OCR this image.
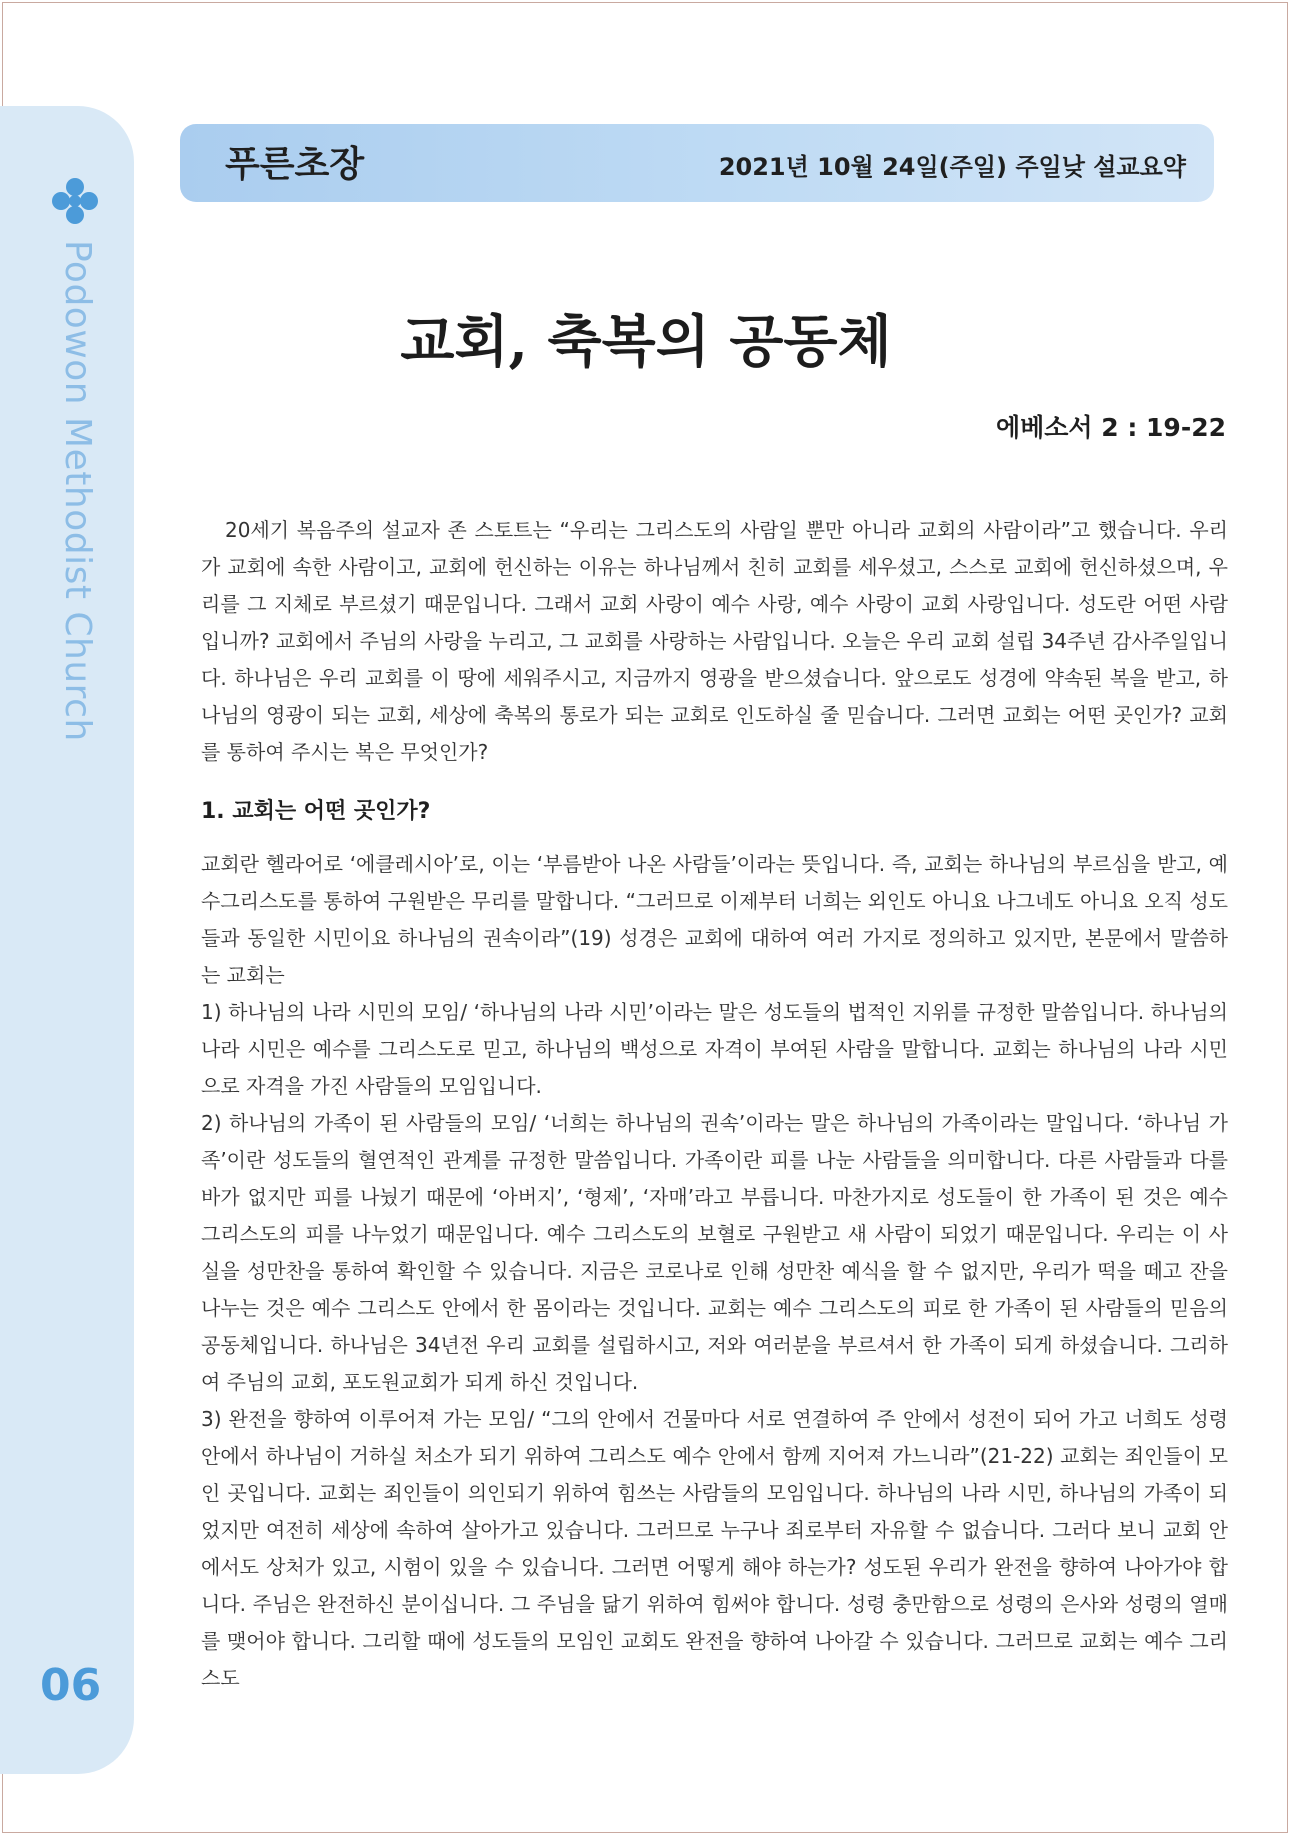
Podowon Methodist Church
06
푸른초장	2021년 10월 24일(주일) 주일낮 설교요약
교회, 축복의 공동체
에베소서 2 : 19-22

20세기 복음주의 설교자 존 스토트는 “우리는 그리스도의 사람일 뿐만 아니라 교회의 사람이라”고 했습니다. 우리가 교회에 속한 사람이고, 교회에 헌신하는 이유는 하나님께서 친히 교회를 세우셨고, 스스로 교회에 헌신하셨으며, 우리를 그 지체로 부르셨기 때문입니다. 그래서 교회 사랑이 예수 사랑, 예수 사랑이 교회 사랑입니다. 성도란 어떤 사람입니까? 교회에서 주님의 사랑을 누리고, 그 교회를 사랑하는 사람입니다. 오늘은 우리 교회 설립 34주년 감사주일입니다. 하나님은 우리 교회를 이 땅에 세워주시고, 지금까지 영광을 받으셨습니다. 앞으로도 성경에 약속된 복을 받고, 하나님의 영광이 되는 교회, 세상에 축복의 통로가 되는 교회로 인도하실 줄 믿습니다. 그러면 교회는 어떤 곳인가? 교회를 통하여 주시는 복은 무엇인가?

1. 교회는 어떤 곳인가?
교회란 헬라어로 ‘에클레시아’로, 이는 ‘부름받아 나온 사람들’이라는 뜻입니다. 즉, 교회는 하나님의 부르심을 받고, 예수그리스도를 통하여 구원받은 무리를 말합니다. “그러므로 이제부터 너희는 외인도 아니요 나그네도 아니요 오직 성도들과 동일한 시민이요 하나님의 권속이라”(19) 성경은 교회에 대하여 여러 가지로 정의하고 있지만, 본문에서 말씀하는 교회는
1) 하나님의 나라 시민의 모임/ ‘하나님의 나라 시민’이라는 말은 성도들의 법적인 지위를 규정한 말씀입니다. 하나님의 나라 시민은 예수를 그리스도로 믿고, 하나님의 백성으로 자격이 부여된 사람을 말합니다. 교회는 하나님의 나라 시민으로 자격을 가진 사람들의 모임입니다.
2) 하나님의 가족이 된 사람들의 모임/ ‘너희는 하나님의 권속’이라는 말은 하나님의 가족이라는 말입니다. ‘하나님 가족’이란 성도들의 혈연적인 관계를 규정한 말씀입니다. 가족이란 피를 나눈 사람들을 의미합니다. 다른 사람들과 다를 바가 없지만 피를 나눴기 때문에 ‘아버지’, ‘형제’, ‘자매’라고 부릅니다. 마찬가지로 성도들이 한 가족이 된 것은 예수 그리스도의 피를 나누었기 때문입니다. 예수 그리스도의 보혈로 구원받고 새 사람이 되었기 때문입니다. 우리는 이 사실을 성만찬을 통하여 확인할 수 있습니다. 지금은 코로나로 인해 성만찬 예식을 할 수 없지만, 우리가 떡을 떼고 잔을 나누는 것은 예수 그리스도 안에서 한 몸이라는 것입니다. 교회는 예수 그리스도의 피로 한 가족이 된 사람들의 믿음의 공동체입니다. 하나님은 34년전 우리 교회를 설립하시고, 저와 여러분을 부르셔서 한 가족이 되게 하셨습니다. 그리하여 주님의 교회, 포도원교회가 되게 하신 것입니다.
3) 완전을 향하여 이루어져 가는 모임/ “그의 안에서 건물마다 서로 연결하여 주 안에서 성전이 되어 가고 너희도 성령 안에서 하나님이 거하실 처소가 되기 위하여 그리스도 예수 안에서 함께 지어져 가느니라”(21-22) 교회는 죄인들이 모인 곳입니다. 교회는 죄인들이 의인되기 위하여 힘쓰는 사람들의 모임입니다. 하나님의 나라 시민, 하나님의 가족이 되었지만 여전히 세상에 속하여 살아가고 있습니다. 그러므로 누구나 죄로부터 자유할 수 없습니다. 그러다 보니 교회 안에서도 상처가 있고, 시험이 있을 수 있습니다. 그러면 어떻게 해야 하는가? 성도된 우리가 완전을 향하여 나아가야 합니다. 주님은 완전하신 분이십니다. 그 주님을 닮기 위하여 힘써야 합니다. 성령 충만함으로 성령의 은사와 성령의 열매를 맺어야 합니다. 그리할 때에 성도들의 모임인 교회도 완전을 향하여 나아갈 수 있습니다. 그러므로 교회는 예수 그리스도
